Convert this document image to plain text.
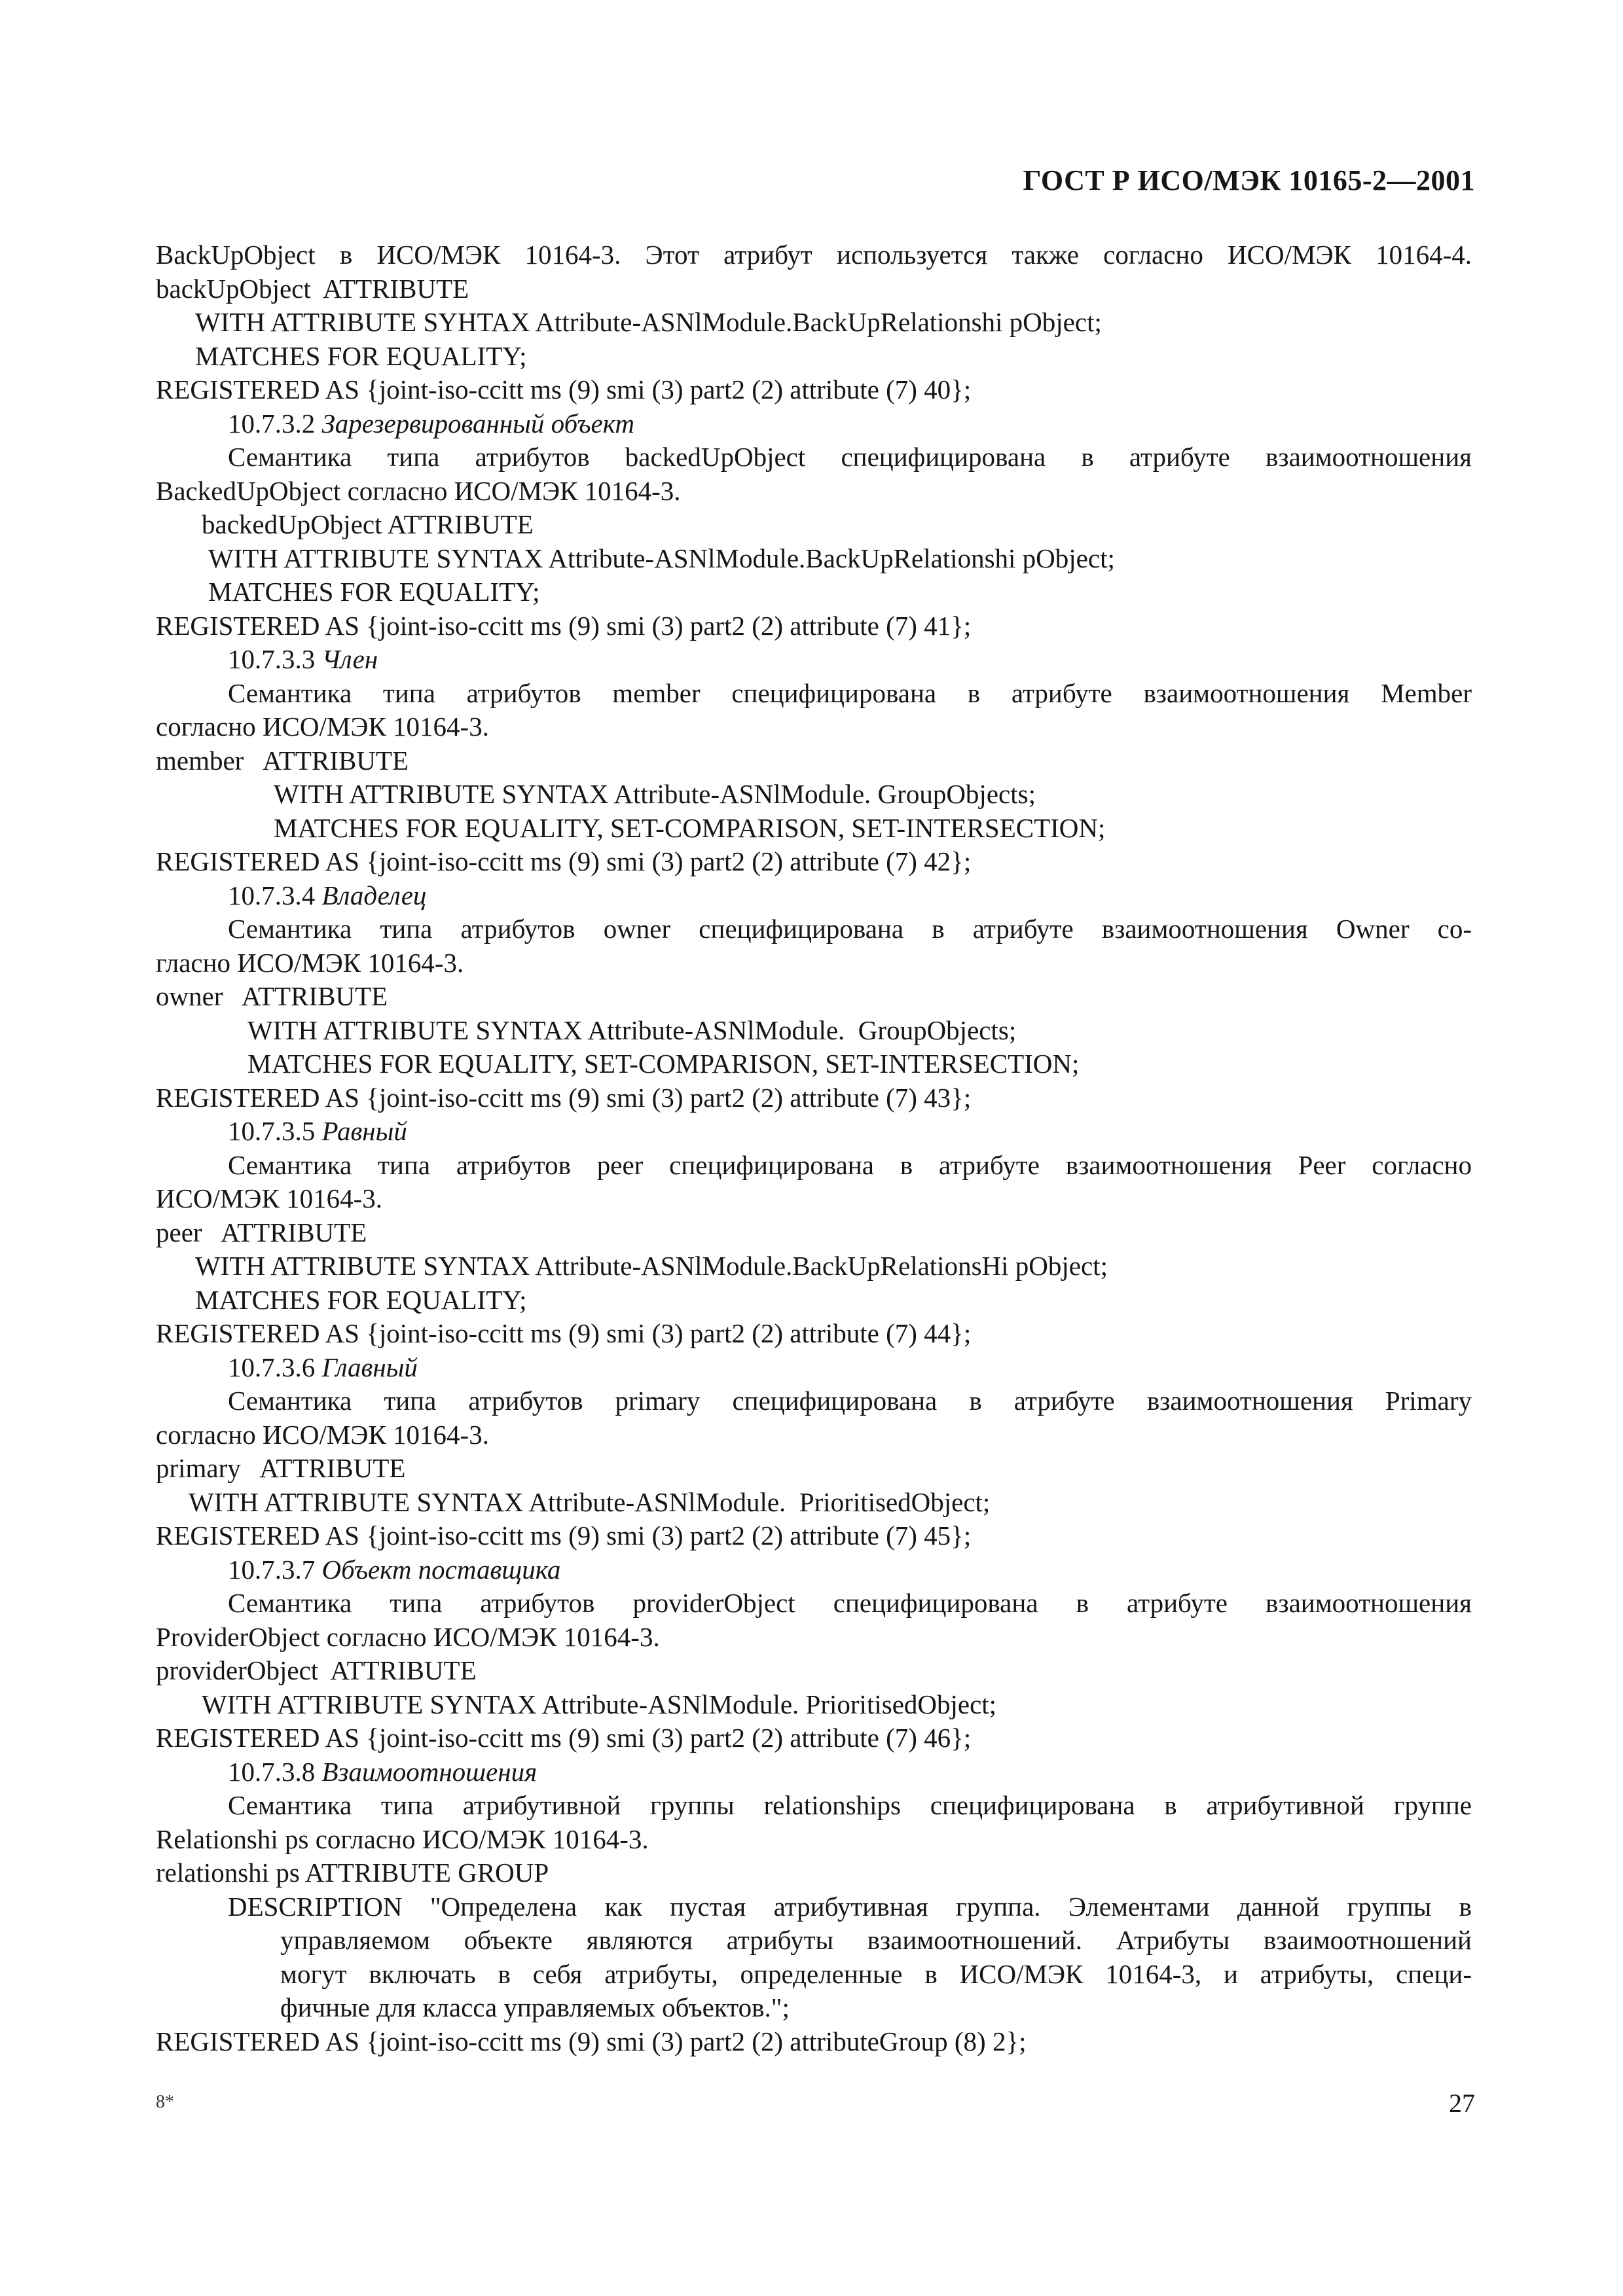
ГОСТ Р ИСО/МЭК 10165-2—2001
BackUpObject в ИСО/МЭК 10164-3. Этот атрибут используется также согласно ИСО/МЭК 10164-4.
backUpObject  ATTRIBUTE
WITH ATTRIBUTE SYHTAX Attribute-ASNlModule.BackUpRelationshi pObject;
MATCHES FOR EQUALITY;
REGISTERED AS {joint-iso-ccitt ms (9) smi (3) part2 (2) attribute (7) 40};
10.7.3.2 Зарезервированный объект
Семантика типа атрибутов backedUpObject специфицирована в атрибуте взаимоотношения
BackedUpObject согласно ИСО/МЭК 10164-3.
backedUpObject ATTRIBUTE
WITH ATTRIBUTE SYNTAX Attribute-ASNlModule.BackUpRelationshi pObject;
MATCHES FOR EQUALITY;
REGISTERED AS {joint-iso-ccitt ms (9) smi (3) part2 (2) attribute (7) 41};
10.7.3.3 Член
Семантика типа атрибутов member специфицирована в атрибуте взаимоотношения Member
согласно ИСО/МЭК 10164-3.
member   ATTRIBUTE
WITH ATTRIBUTE SYNTAX Attribute-ASNlModule. GroupObjects;
MATCHES FOR EQUALITY, SET-COMPARISON, SET-INTERSECTION;
REGISTERED AS {joint-iso-ccitt ms (9) smi (3) part2 (2) attribute (7) 42};
10.7.3.4 Владелец
Семантика типа атрибутов owner специфицирована в атрибуте взаимоотношения Owner со-
гласно ИСО/МЭК 10164-3.
owner   ATTRIBUTE
WITH ATTRIBUTE SYNTAX Attribute-ASNlModule.  GroupObjects;
MATCHES FOR EQUALITY, SET-COMPARISON, SET-INTERSECTION;
REGISTERED AS {joint-iso-ccitt ms (9) smi (3) part2 (2) attribute (7) 43};
10.7.3.5 Равный
Семантика типа атрибутов peer специфицирована в атрибуте взаимоотношения Peer согласно
ИСО/МЭК 10164-3.
peer   ATTRIBUTE
WITH ATTRIBUTE SYNTAX Attribute-ASNlModule.BackUpRelationsHi pObject;
MATCHES FOR EQUALITY;
REGISTERED AS {joint-iso-ccitt ms (9) smi (3) part2 (2) attribute (7) 44};
10.7.3.6 Главный
Семантика типа атрибутов primary специфицирована в атрибуте взаимоотношения Primary
согласно ИСО/МЭК 10164-3.
primary   ATTRIBUTE
WITH ATTRIBUTE SYNTAX Attribute-ASNlModule.  PrioritisedObject;
REGISTERED AS {joint-iso-ccitt ms (9) smi (3) part2 (2) attribute (7) 45};
10.7.3.7 Объект поставщика
Семантика типа атрибутов providerObject специфицирована в атрибуте взаимоотношения
ProviderObject согласно ИСО/МЭК 10164-3.
providerObject  ATTRIBUTE
WITH ATTRIBUTE SYNTAX Attribute-ASNlModule. PrioritisedObject;
REGISTERED AS {joint-iso-ccitt ms (9) smi (3) part2 (2) attribute (7) 46};
10.7.3.8 Взаимоотношения
Семантика типа атрибутивной группы relationships специфицирована в атрибутивной группе
Relationshi ps согласно ИСО/МЭК 10164-3.
relationshi ps ATTRIBUTE GROUP
DESCRIPTION "Определена как пустая атрибутивная группа. Элементами данной группы в
управляемом объекте являются атрибуты взаимоотношений. Атрибуты взаимоотношений
могут включать в себя атрибуты, определенные в ИСО/МЭК 10164-3, и атрибуты, специ-
фичные для класса управляемых объектов.";
REGISTERED AS {joint-iso-ccitt ms (9) smi (3) part2 (2) attributeGroup (8) 2};
8*	27
